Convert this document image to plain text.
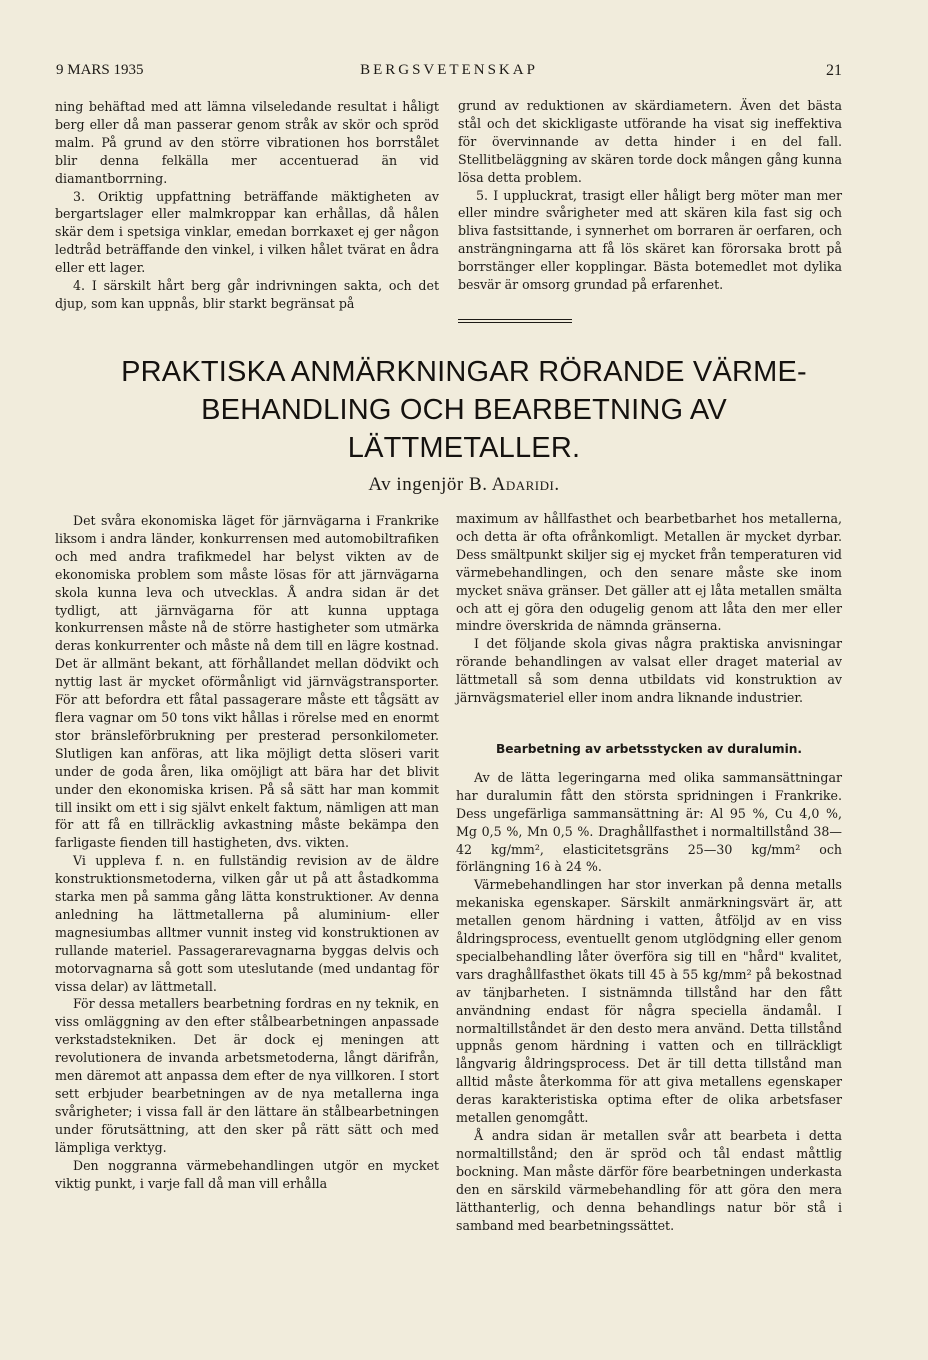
9 MARS 1935	BERGSVETENSKAP	21

ning behäftad med att lämna vilseledande resultat i håligt berg eller då man passerar genom stråk av skör och spröd malm. På grund av den större vibrationen hos borrstålet blir denna felkälla mer accentuerad än vid diamantborrning.

3. Oriktig uppfattning beträffande mäktigheten av bergartslager eller malmkroppar kan erhållas, då hålen skär dem i spetsiga vinklar, emedan borrkaxet ej ger någon ledtråd beträffande den vinkel, i vilken hålet tvärat en ådra eller ett lager.

4. I särskilt hårt berg går indrivningen sakta, och det djup, som kan uppnås, blir starkt begränsat på

grund av reduktionen av skärdiametern. Även det bästa stål och det skickligaste utförande ha visat sig ineffektiva för övervinnande av detta hinder i en del fall. Stellitbeläggning av skären torde dock mången gång kunna lösa detta problem.

5. I uppluckrat, trasigt eller håligt berg möter man mer eller mindre svårigheter med att skären kila fast sig och bliva fastsittande, i synnerhet om borraren är oerfaren, och ansträngningarna att få lös skäret kan förorsaka brott på borrstänger eller kopplingar. Bästa botemedlet mot dylika besvär är omsorg grundad på erfarenhet.

PRAKTISKA ANMÄRKNINGAR RÖRANDE VÄRME-
BEHANDLING OCH BEARBETNING AV
LÄTTMETALLER.
Av ingenjör B. Adaridi.

Det svåra ekonomiska läget för järnvägarna i Frankrike liksom i andra länder, konkurrensen med automobiltrafiken och med andra trafikmedel har belyst vikten av de ekonomiska problem som måste lösas för att järnvägarna skola kunna leva och utvecklas. Å andra sidan är det tydligt, att järnvägarna för att kunna upptaga konkurrensen måste nå de större hastigheter som utmärka deras konkurrenter och måste nå dem till en lägre kostnad. Det är allmänt bekant, att förhållandet mellan dödvikt och nyttig last är mycket oförmånligt vid järnvägstransporter. För att befordra ett fåtal passagerare måste ett tågsätt av flera vagnar om 50 tons vikt hållas i rörelse med en enormt stor bränsleförbrukning per presterad personkilometer. Slutligen kan anföras, att lika möjligt detta slöseri varit under de goda åren, lika omöjligt att bära har det blivit under den ekonomiska krisen. På så sätt har man kommit till insikt om ett i sig självt enkelt faktum, nämligen att man för att få en tillräcklig avkastning måste bekämpa den farligaste fienden till hastigheten, dvs. vikten.

Vi uppleva f. n. en fullständig revision av de äldre konstruktionsmetoderna, vilken går ut på att åstadkomma starka men på samma gång lätta konstruktioner. Av denna anledning ha lättmetallerna på aluminium- eller magnesiumbas alltmer vunnit insteg vid konstruktionen av rullande materiel. Passagerarevagnarna byggas delvis och motorvagnarna så gott som uteslutande (med undantag för vissa delar) av lättmetall.

För dessa metallers bearbetning fordras en ny teknik, en viss omläggning av den efter stålbearbetningen anpassade verkstadstekniken. Det är dock ej meningen att revolutionera de invanda arbetsmetoderna, långt därifrån, men däremot att anpassa dem efter de nya villkoren. I stort sett erbjuder bearbetningen av de nya metallerna inga svårigheter; i vissa fall är den lättare än stålbearbetningen under förutsättning, att den sker på rätt sätt och med lämpliga verktyg.

Den noggranna värmebehandlingen utgör en mycket viktig punkt, i varje fall då man vill erhålla

maximum av hållfasthet och bearbetbarhet hos metallerna, och detta är ofta ofrånkomligt. Metallen är mycket dyrbar. Dess smältpunkt skiljer sig ej mycket från temperaturen vid värmebehandlingen, och den senare måste ske inom mycket snäva gränser. Det gäller att ej låta metallen smälta och att ej göra den odugelig genom att låta den mer eller mindre överskrida de nämnda gränserna.

I det följande skola givas några praktiska anvisningar rörande behandlingen av valsat eller draget material av lättmetall så som denna utbildats vid konstruktion av järnvägsmateriel eller inom andra liknande industrier.

Bearbetning av arbetsstycken av duralumin.

Av de lätta legeringarna med olika sammansättningar har duralumin fått den största spridningen i Frankrike. Dess ungefärliga sammansättning är: Al 95 %, Cu 4,0 %, Mg 0,5 %, Mn 0,5 %. Draghållfasthet i normaltillstånd 38—42 kg/mm², elasticitetsgräns 25—30 kg/mm² och förlängning 16 à 24 %.

Värmebehandlingen har stor inverkan på denna metalls mekaniska egenskaper. Särskilt anmärkningsvärt är, att metallen genom härdning i vatten, åtföljd av en viss åldringsprocess, eventuellt genom utglödgning eller genom specialbehandling låter överföra sig till en "hård" kvalitet, vars draghållfasthet ökats till 45 à 55 kg/mm² på bekostnad av tänjbarheten. I sistnämnda tillstånd har den fått användning endast för några speciella ändamål. I normaltillståndet är den desto mera använd. Detta tillstånd uppnås genom härdning i vatten och en tillräckligt långvarig åldringsprocess. Det är till detta tillstånd man alltid måste återkomma för att giva metallens egenskaper deras karakteristiska optima efter de olika arbetsfaser metallen genomgått.

Å andra sidan är metallen svår att bearbeta i detta normaltillstånd; den är spröd och tål endast måttlig bockning. Man måste därför före bearbetningen underkasta den en särskild värmebehandling för att göra den mera lätthanterlig, och denna behandlings natur bör stå i samband med bearbetningssättet.
